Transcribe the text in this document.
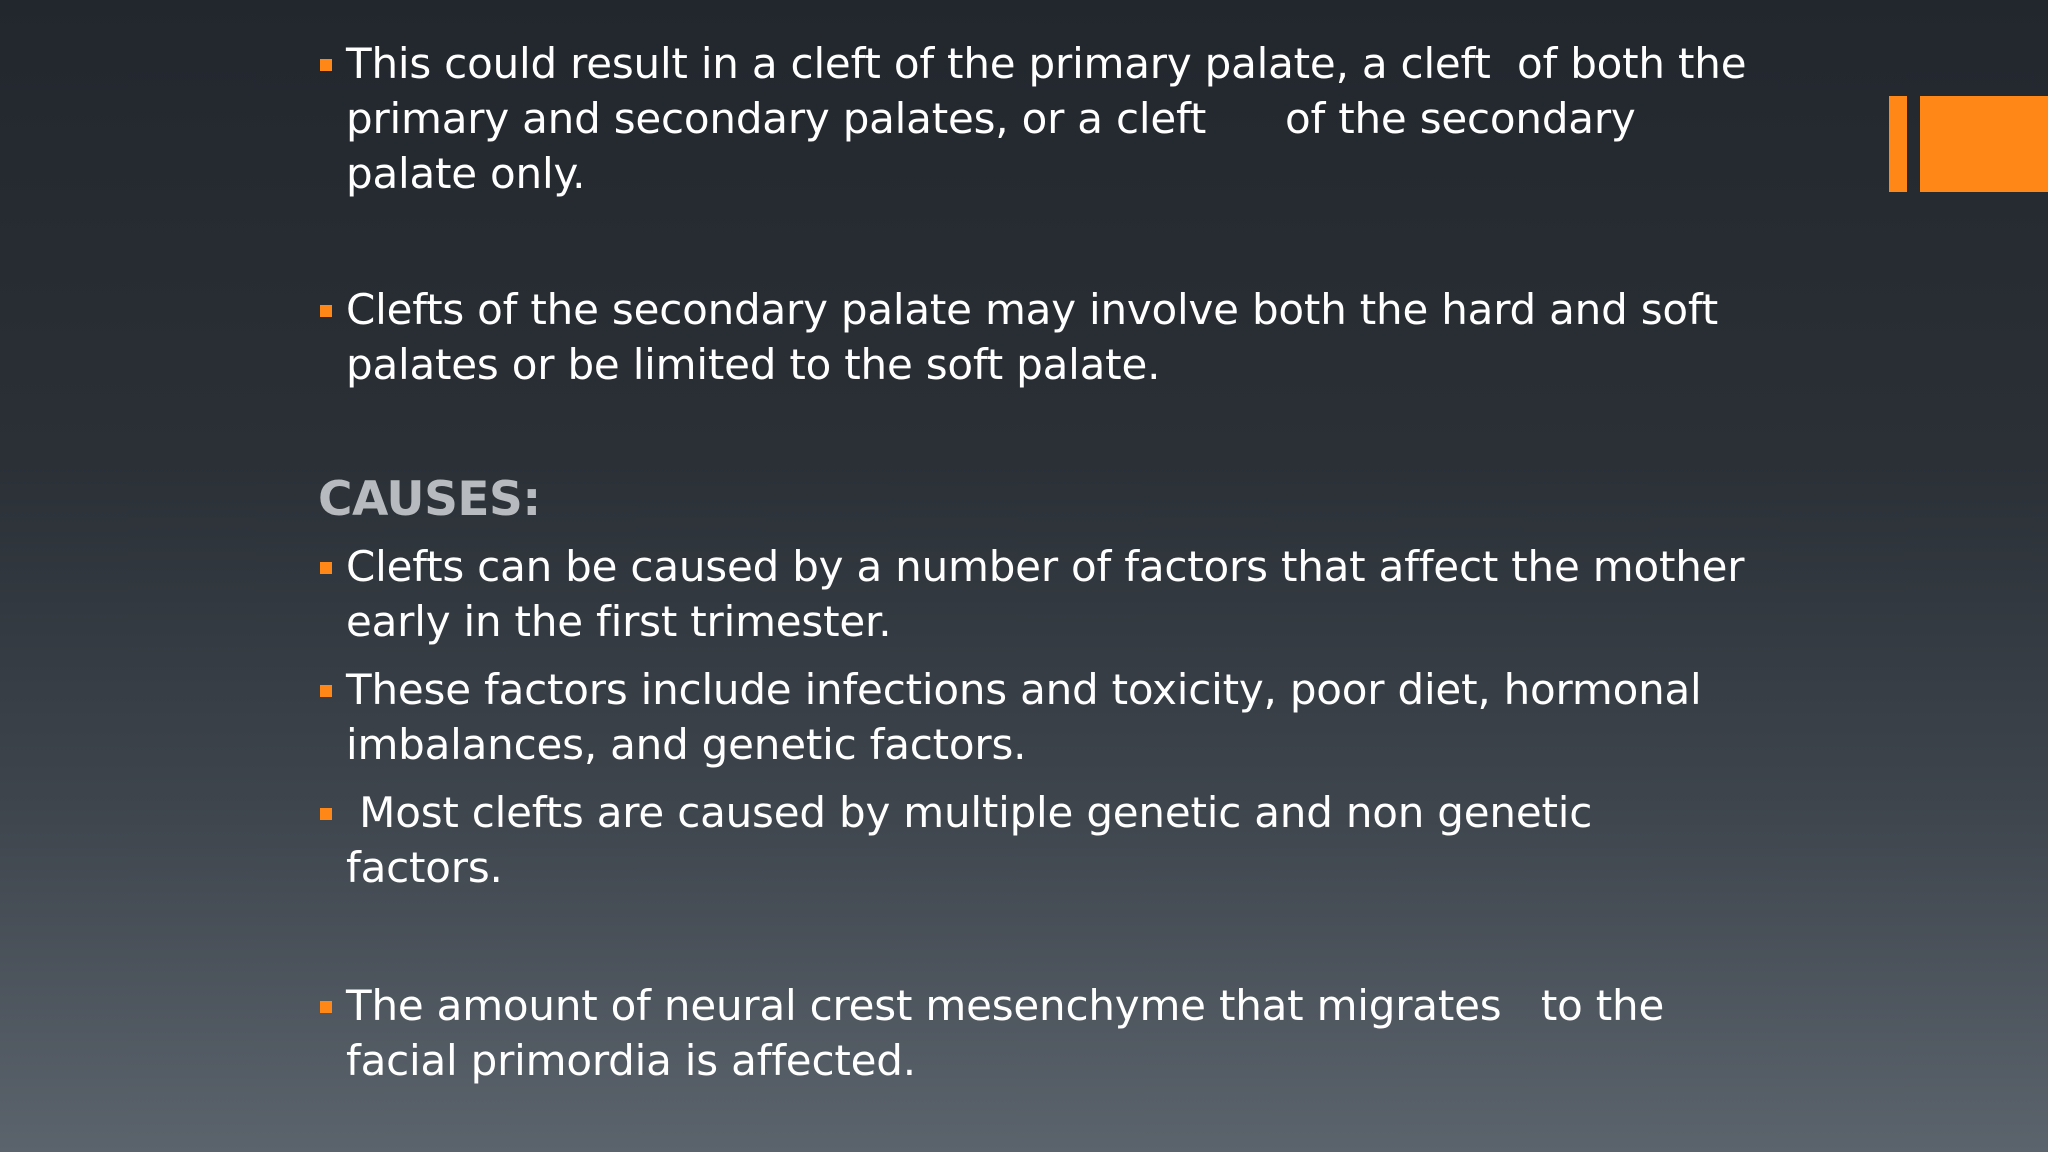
This could result in a cleft of the primary palate, a cleft  of both the primary and secondary palates, or a cleft      of the secondary palate only.
Clefts of the secondary palate may involve both the hard and soft palates or be limited to the soft palate.
CAUSES:
Clefts can be caused by a number of factors that affect the mother early in the first trimester.
These factors include infections and toxicity, poor diet, hormonal imbalances, and genetic factors.
Most clefts are caused by multiple genetic and non genetic factors.
The amount of neural crest mesenchyme that migrates   to the facial primordia is affected.
